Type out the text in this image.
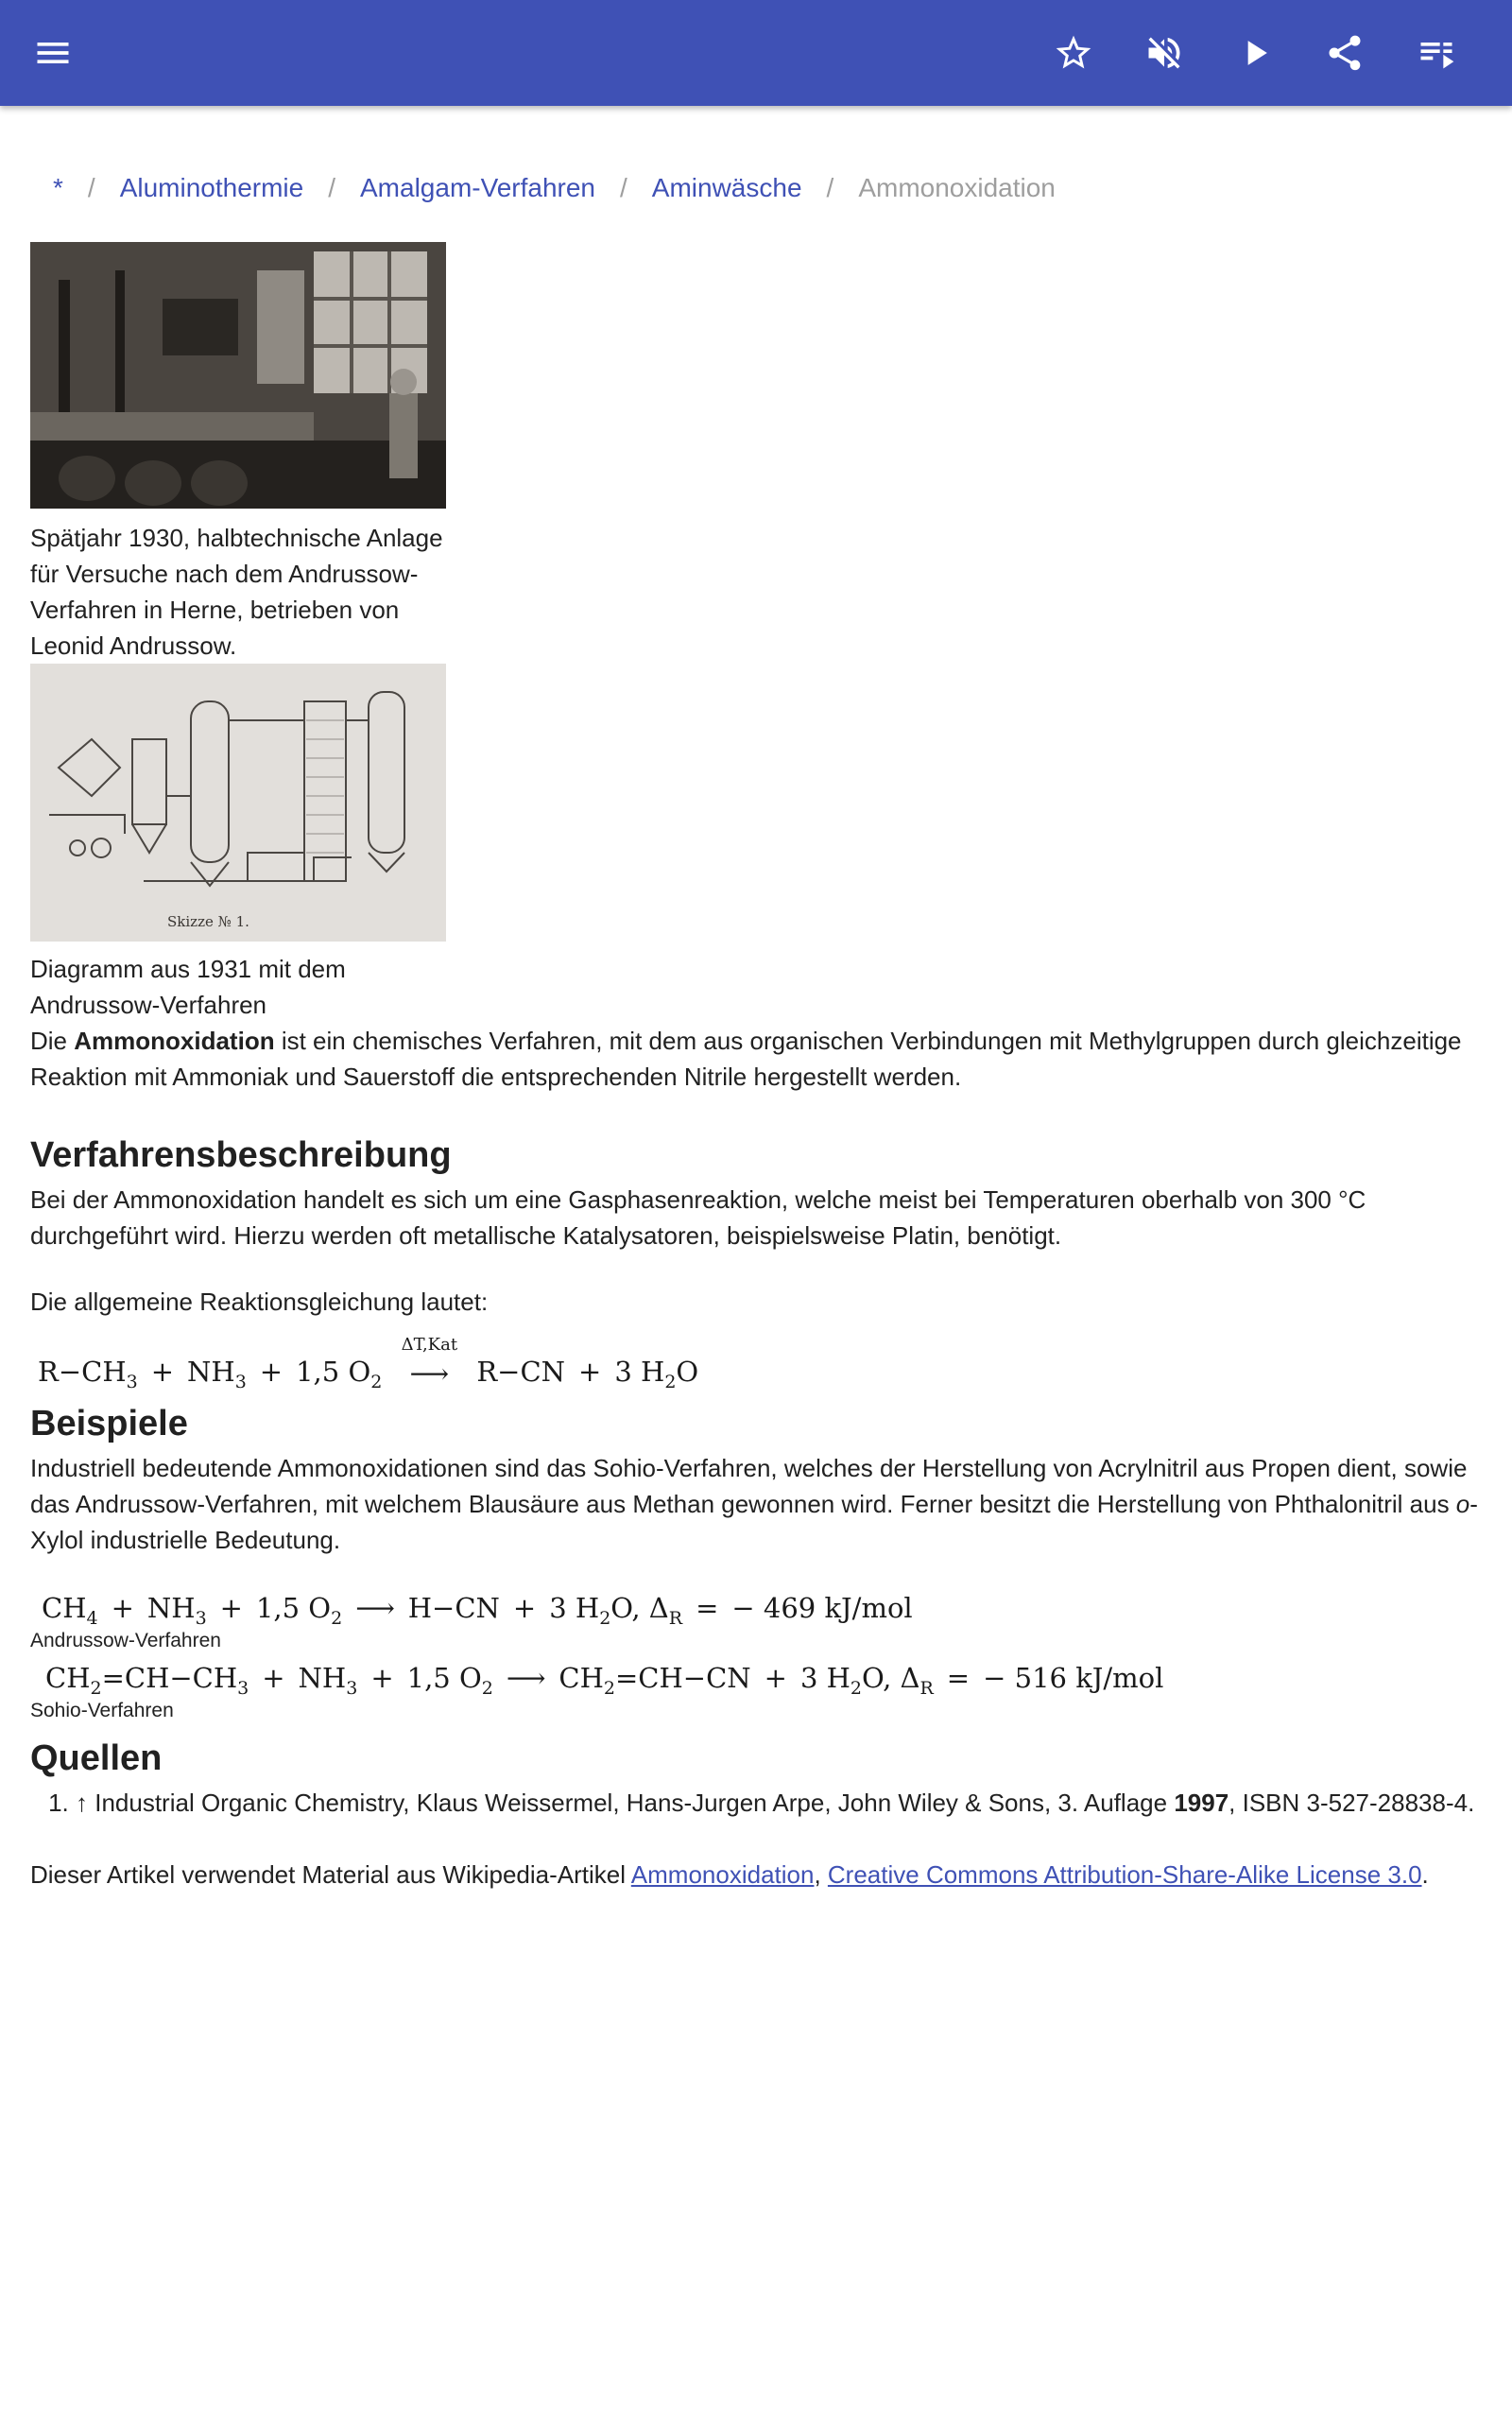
* / Aluminothermie / Amalgam-Verfahren / Aminwäsche / Ammonoxidation

Spätjahr 1930, halbtechnische Anlage für Versuche nach dem Andrussow-Verfahren in Herne, betrieben von Leonid Andrussow.

Skizze № 1.

Diagramm aus 1931 mit dem Andrussow-Verfahren

Die Ammonoxidation ist ein chemisches Verfahren, mit dem aus organischen Verbindungen mit Methylgruppen durch gleichzeitige Reaktion mit Ammoniak und Sauerstoff die entsprechenden Nitrile hergestellt werden.

Verfahrensbeschreibung

Bei der Ammonoxidation handelt es sich um eine Gasphasenreaktion, welche meist bei Temperaturen oberhalb von 300 °C durchgeführt wird. Hierzu werden oft metallische Katalysatoren, beispielsweise Platin, benötigt.

Die allgemeine Reaktionsgleichung lautet:

$R-CH_3 + NH_3 + 1,5$ $O_2$
ΔT,Kat
⟶ R−CN + 3 $H_2O$
Beispiele

Industriell bedeutende Ammonoxidationen sind das Sohio-Verfahren, welches der Herstellung von Acrylnitril aus Propen dient, sowie das Andrussow-Verfahren, mit welchem Blausäure aus Methan gewonnen wird. Ferner besitzt die Herstellung von Phthalonitril aus o-Xylol industrielle Bedeutung.

$CH_4 + NH_3 + 1,5$ $O_2$ ⟶ H−CN + 3 $H_2O$, $\Delta_R$ = − 469 kJ/mol
Andrussow-Verfahren
$CH_2=CH-CH_3 + NH_3 + 1,5$ $O_2$ ⟶ $CH_2=CH-CN + 3$ $H_2O$, $\Delta_R$ = − 516 kJ/mol
Sohio-Verfahren
Quellen
1. ↑ Industrial Organic Chemistry, Klaus Weissermel, Hans-Jurgen Arpe, John Wiley & Sons, 3. Auflage 1997, ISBN 3-527-28838-4.

Dieser Artikel verwendet Material aus Wikipedia-Artikel Ammonoxidation, Creative Commons Attribution-Share-Alike License 3.0.
